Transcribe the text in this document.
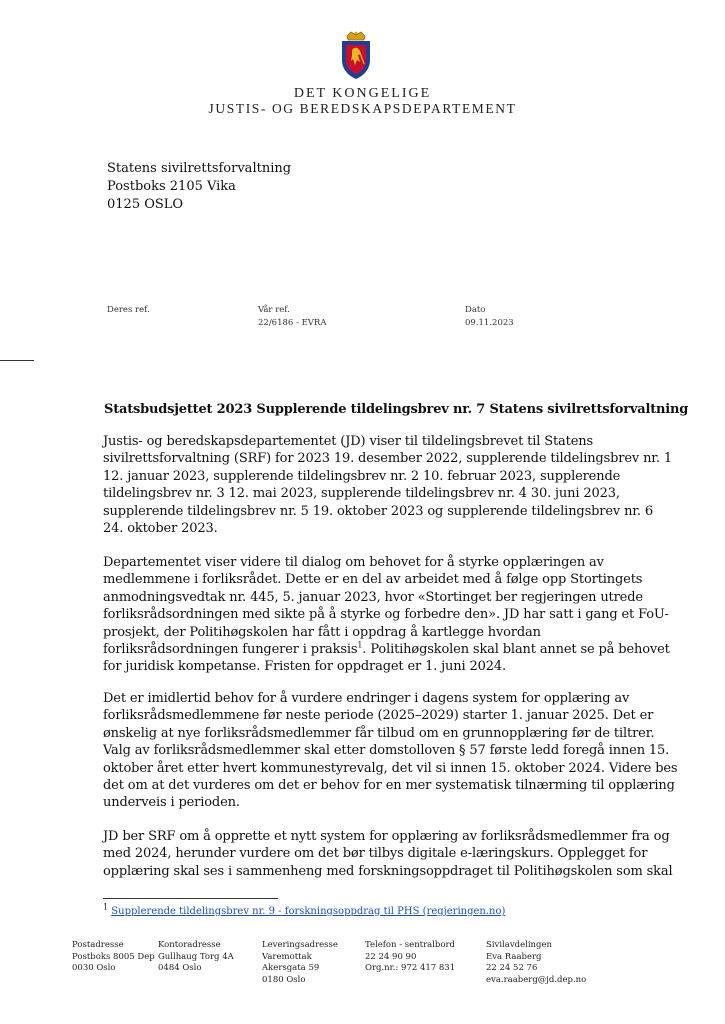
DET KONGELIGE
JUSTIS- OG BEREDSKAPSDEPARTEMENT
Statens sivilrettsforvaltning
Postboks 2105 Vika
0125 OSLO
Deres ref.	Vår ref.
22/6186 - EVRA
Dato
09.11.2023
Statsbudsjettet 2023 Supplerende tildelingsbrev nr. 7 Statens sivilrettsforvaltning
Justis- og beredskapsdepartementet (JD) viser til tildelingsbrevet til Statens
sivilrettsforvaltning (SRF) for 2023 19. desember 2022, supplerende tildelingsbrev nr. 1
12. januar 2023, supplerende tildelingsbrev nr. 2 10. februar 2023, supplerende
tildelingsbrev nr. 3 12. mai 2023, supplerende tildelingsbrev nr. 4 30. juni 2023,
supplerende tildelingsbrev nr. 5 19. oktober 2023 og supplerende tildelingsbrev nr. 6
24. oktober 2023.
Departementet viser videre til dialog om behovet for å styrke opplæringen av
medlemmene i forliksrådet. Dette er en del av arbeidet med å følge opp Stortingets
anmodningsvedtak nr. 445, 5. januar 2023, hvor «Stortinget ber regjeringen utrede
forliksrådsordningen med sikte på å styrke og forbedre den». JD har satt i gang et FoU-
prosjekt, der Politihøgskolen har fått i oppdrag å kartlegge hvordan
forliksrådsordningen fungerer i praksis$^1$. Politihøgskolen skal blant annet se på behovet
for juridisk kompetanse. Fristen for oppdraget er 1. juni 2024.
Det er imidlertid behov for å vurdere endringer i dagens system for opplæring av
forliksrådsmedlemmene før neste periode (2025–2029) starter 1. januar 2025. Det er
ønskelig at nye forliksrådsmedlemmer får tilbud om en grunnopplæring før de tiltrer.
Valg av forliksrådsmedlemmer skal etter domstolloven § 57 første ledd foregå innen 15.
oktober året etter hvert kommunestyrevalg, det vil si innen 15. oktober 2024. Videre bes
det om at det vurderes om det er behov for en mer systematisk tilnærming til opplæring
underveis i perioden.
JD ber SRF om å opprette et nytt system for opplæring av forliksrådsmedlemmer fra og
med 2024, herunder vurdere om det bør tilbys digitale e-læringskurs. Opplegget for
opplæring skal ses i sammenheng med forskningsoppdraget til Politihøgskolen som skal
$^1$ Supplerende tildelingsbrev nr. 9 - forskningsoppdrag til PHS (regjeringen.no)
Postadresse
Postboks 8005 Dep
0030 Oslo
Kontoradresse
Gullhaug Torg 4A
0484 Oslo
Leveringsadresse
Varemottak
Akersgata 59
0180 Oslo
Telefon - sentralbord
22 24 90 90
Org.nr.: 972 417 831
Sivilavdelingen
Eva Raaberg
22 24 52 76
eva.raaberg@jd.dep.no
